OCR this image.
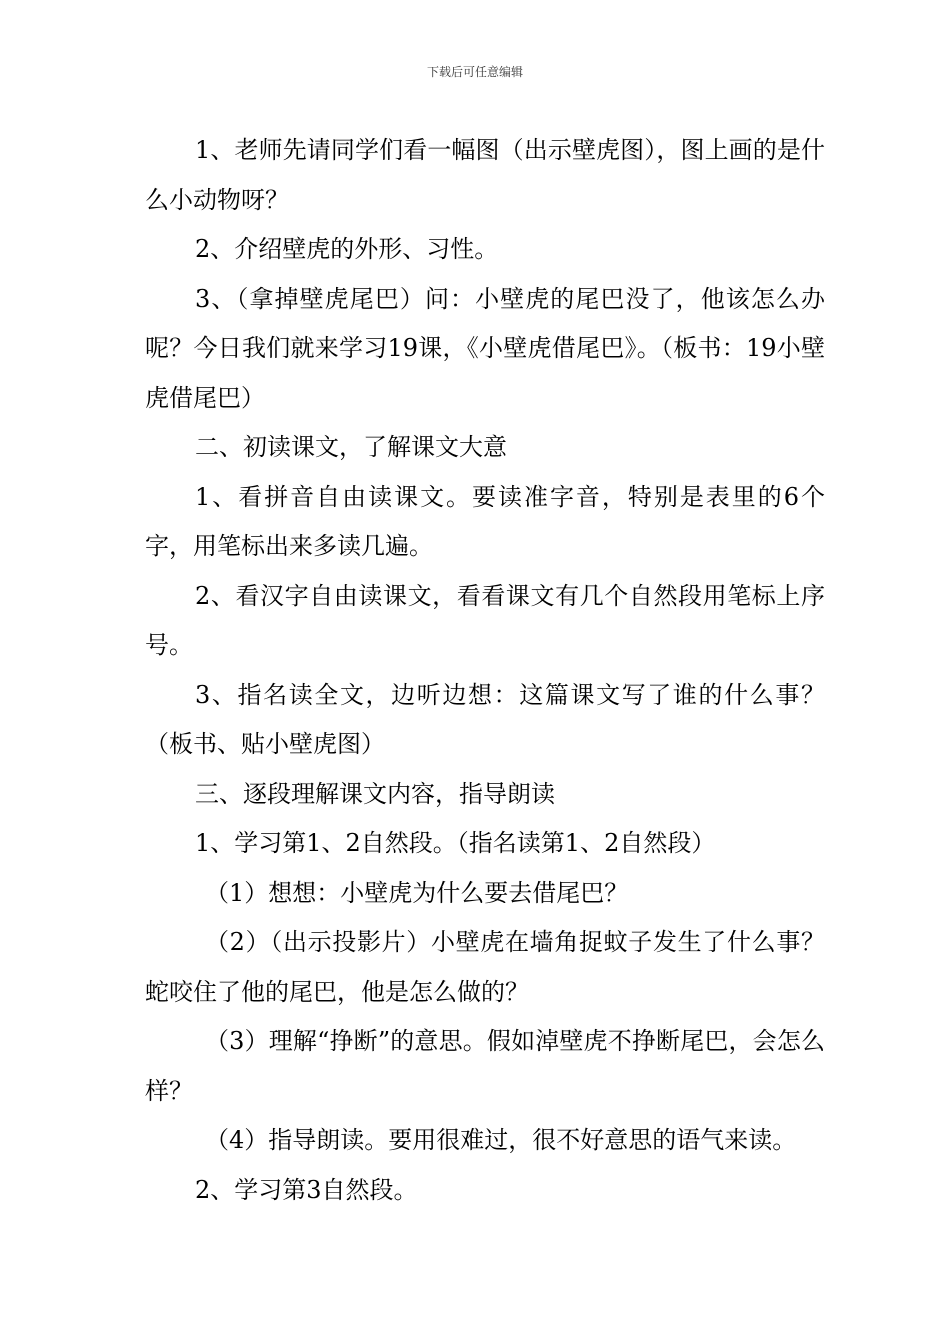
下载后可任意编辑

1、老师先请同学们看一幅图（出示壁虎图），图上画的是什么小动物呀？

2、介绍壁虎的外形、习性。

3、（拿掉壁虎尾巴）问：小壁虎的尾巴没了，他该怎么办呢？今日我们就来学习19课，《小壁虎借尾巴》。（板书：19小壁虎借尾巴）

二、初读课文，了解课文大意

1、看拼音自由读课文。要读准字音，特别是表里的6个字，用笔标出来多读几遍。

2、看汉字自由读课文，看看课文有几个自然段用笔标上序号。

3、指名读全文，边听边想：这篇课文写了谁的什么事？（板书、贴小壁虎图）

三、逐段理解课文内容，指导朗读

1、学习第1、2自然段。（指名读第1、2自然段）

（1）想想：小壁虎为什么要去借尾巴？

（2）（出示投影片）小壁虎在墙角捉蚊子发生了什么事？蛇咬住了他的尾巴，他是怎么做的？

（3）理解“挣断”的意思。假如淖壁虎不挣断尾巴，会怎么样？

（4）指导朗读。要用很难过，很不好意思的语气来读。

2、学习第3自然段。
